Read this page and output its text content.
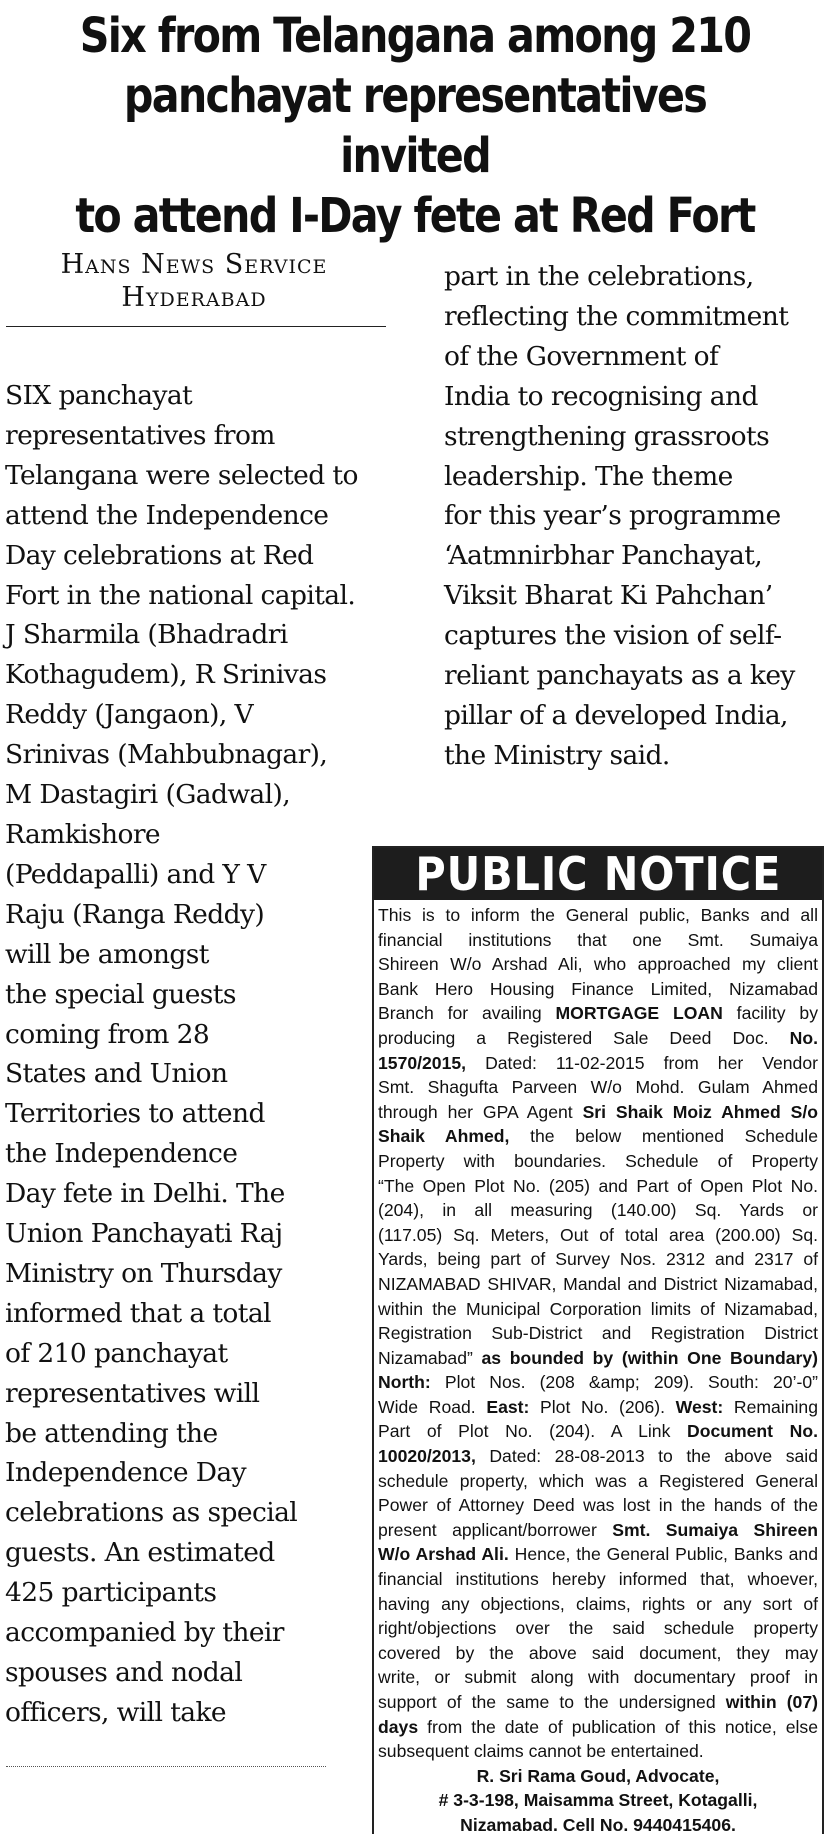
Six from Telangana among 210
panchayat representatives invited
to attend I-Day fete at Red Fort
Hans News Service
Hyderabad
SIX panchayat
representatives from
Telangana were selected to
attend the Independence
Day celebrations at Red
Fort in the national capital.
J Sharmila (Bhadradri
Kothagudem), R Srinivas
Reddy (Jangaon), V
Srinivas (Mahbubnagar),
M Dastagiri (Gadwal),
Ramkishore
(Peddapalli) and Y V
Raju (Ranga Reddy)
will be amongst
the special guests
coming from 28
States and Union
Territories to attend
the Independence
Day fete in Delhi. The
Union Panchayati Raj
Ministry on Thursday
informed that a total
of 210 panchayat
representatives will
be attending the
Independence Day
celebrations as special
guests. An estimated
425 participants
accompanied by their
spouses and nodal
officers, will take
part in the celebrations,
reflecting the commitment
of the Government of
India to recognising and
strengthening grassroots
leadership. The theme
for this year’s programme
‘Aatmnirbhar Panchayat,
Viksit Bharat Ki Pahchan’
captures the vision of self-
reliant panchayats as a key
pillar of a developed India,
the Ministry said.
PUBLIC NOTICE
This is to inform the General public, Banks and all
financial institutions that one Smt. Sumaiya
Shireen W/o Arshad Ali, who approached my client
Bank Hero Housing Finance Limited, Nizamabad
Branch for availing MORTGAGE LOAN facility by
producing a Registered Sale Deed Doc. No.
1570/2015, Dated: 11-02-2015 from her Vendor
Smt. Shagufta Parveen W/o Mohd. Gulam Ahmed
through her GPA Agent Sri Shaik Moiz Ahmed S/o
Shaik Ahmed, the below mentioned Schedule
Property with boundaries. Schedule of Property
“The Open Plot No. (205) and Part of Open Plot No.
(204), in all measuring (140.00) Sq. Yards or
(117.05) Sq. Meters, Out of total area (200.00) Sq.
Yards, being part of Survey Nos. 2312 and 2317 of
NIZAMABAD SHIVAR, Mandal and District Nizamabad,
within the Municipal Corporation limits of Nizamabad,
Registration Sub-District and Registration District
Nizamabad” as bounded by (within One Boundary)
North: Plot Nos. (208 &amp; 209). South: 20’-0”
Wide Road. East: Plot No. (206). West: Remaining
Part of Plot No. (204). A Link Document No.
10020/2013, Dated: 28-08-2013 to the above said
schedule property, which was a Registered General
Power of Attorney Deed was lost in the hands of the
present applicant/borrower Smt. Sumaiya Shireen
W/o Arshad Ali. Hence, the General Public, Banks and
financial institutions hereby informed that, whoever,
having any objections, claims, rights or any sort of
right/objections over the said schedule property
covered by the above said document, they may
write, or submit along with documentary proof in
support of the same to the undersigned within (07)
days from the date of publication of this notice, else
subsequent claims cannot be entertained.
R. Sri Rama Goud, Advocate,
# 3-3-198, Maisamma Street, Kotagalli,
Nizamabad. Cell No. 9440415406.
